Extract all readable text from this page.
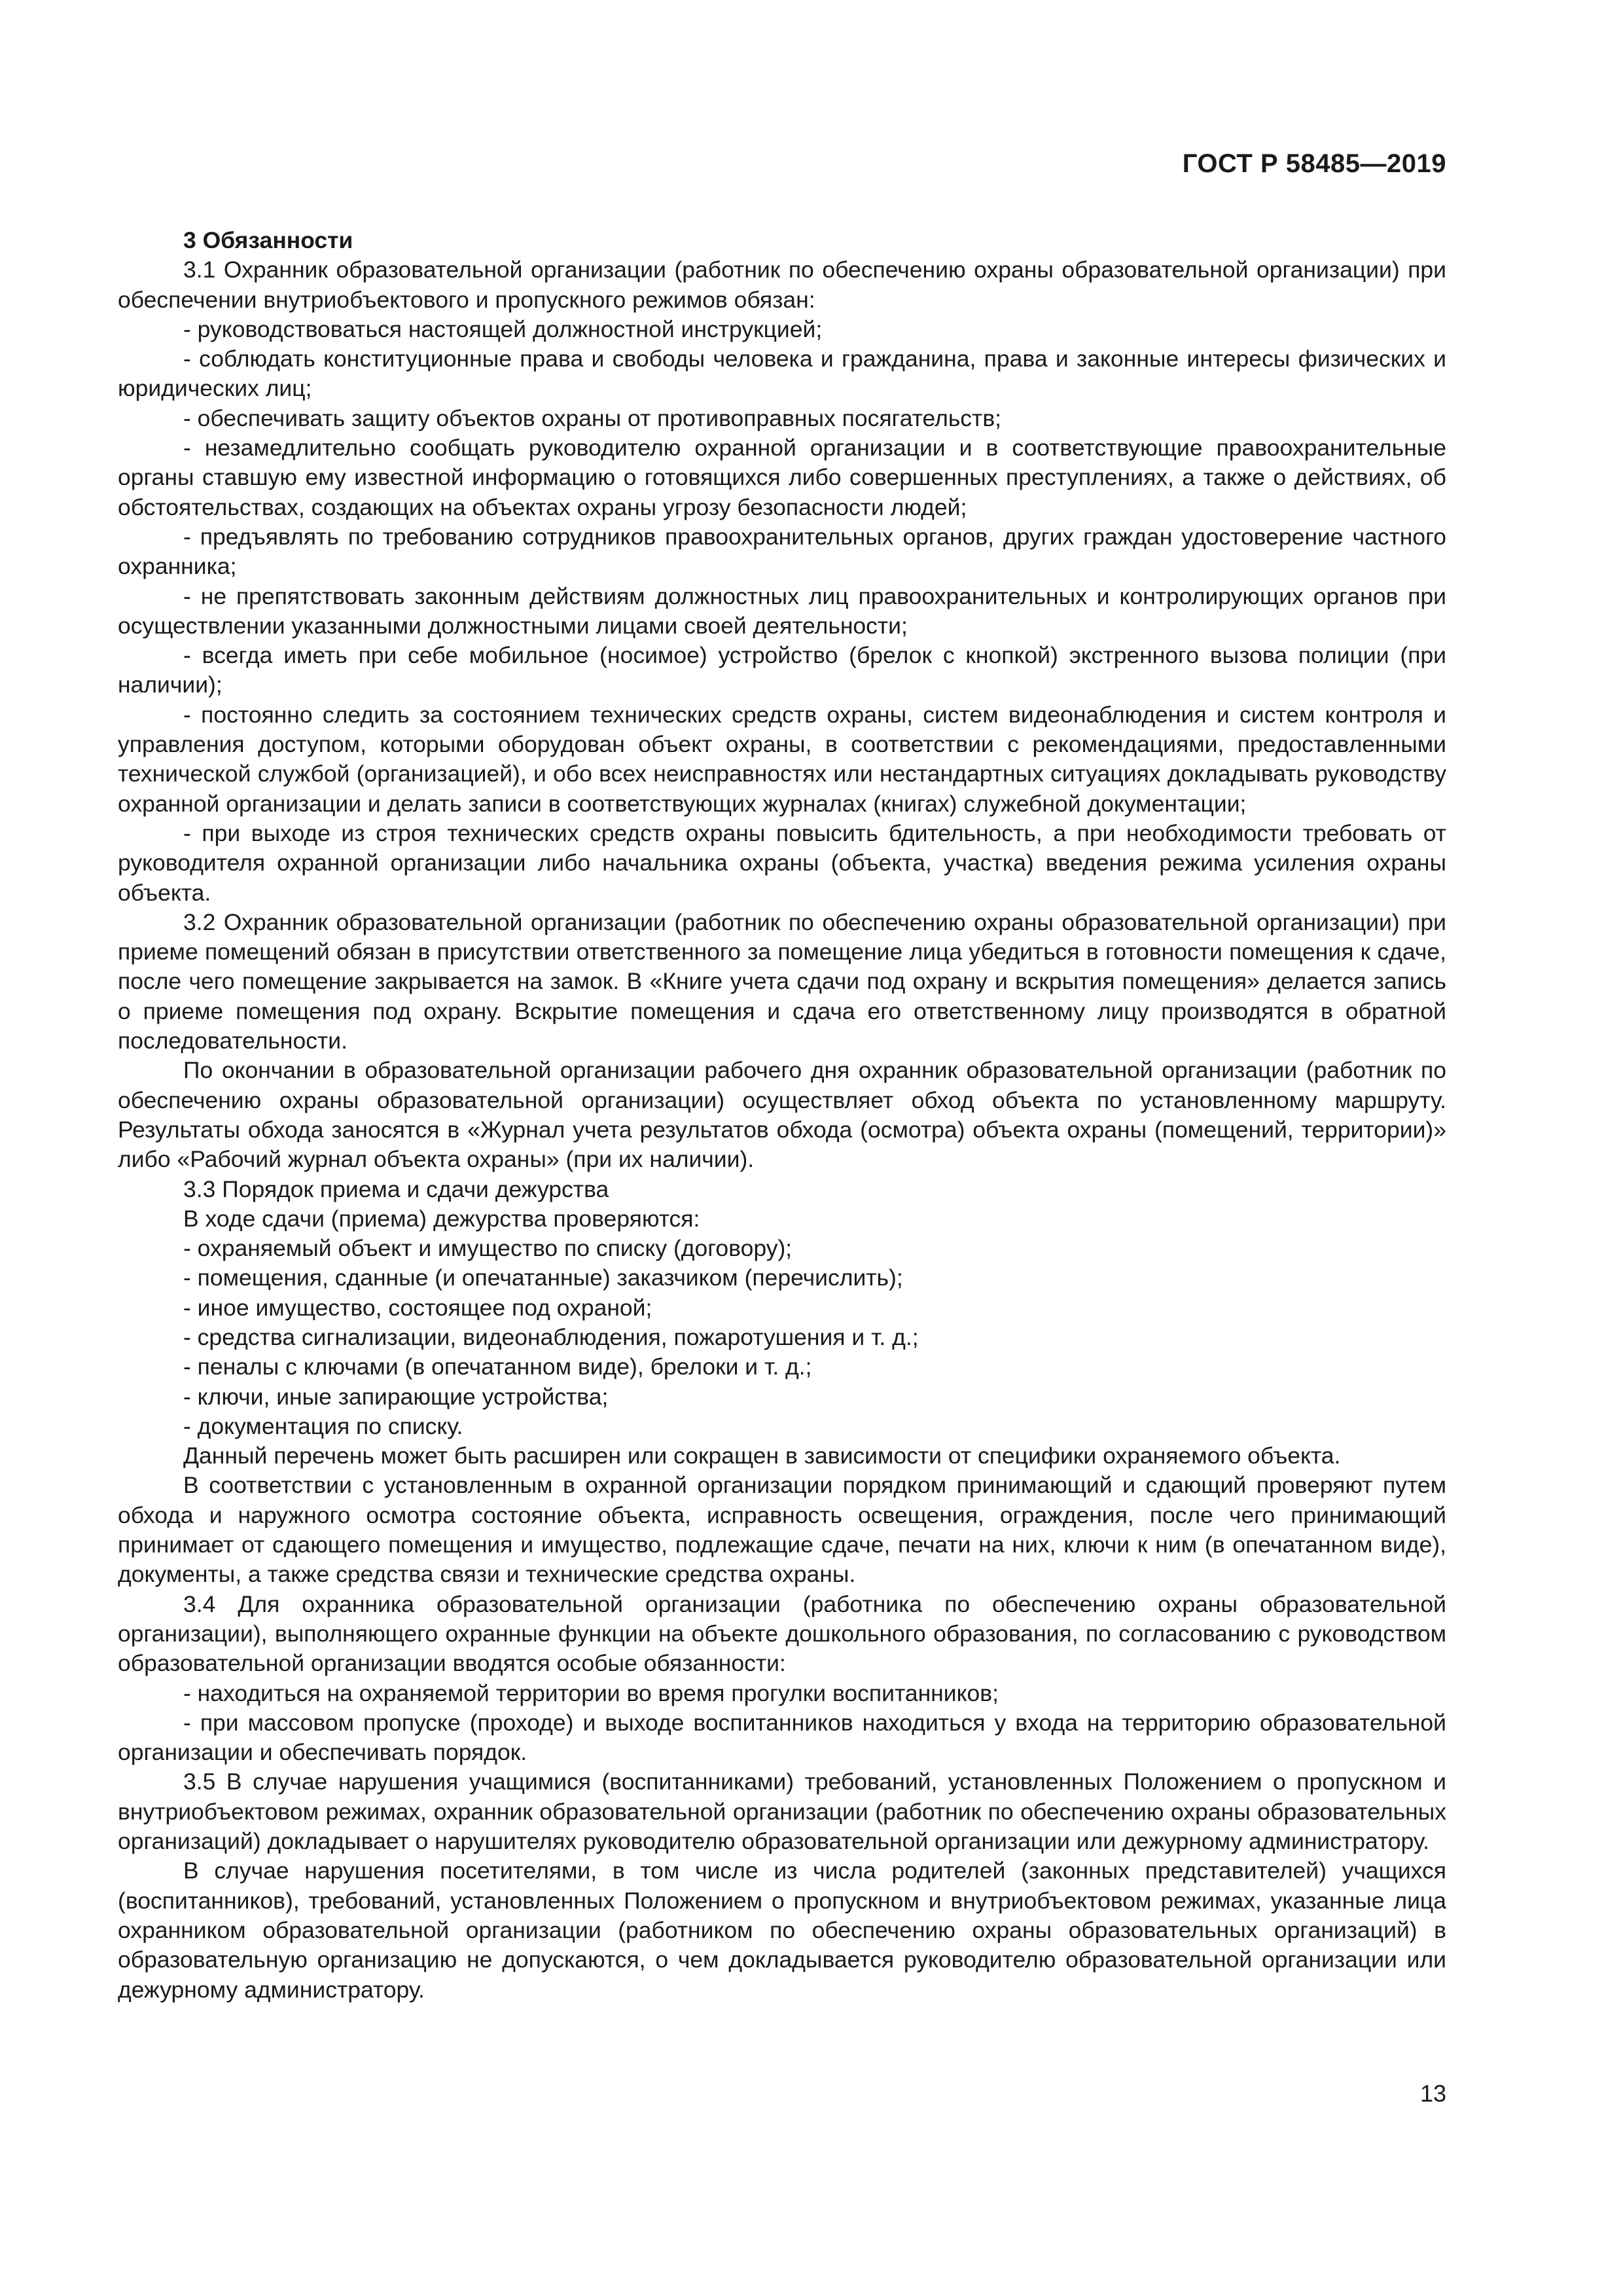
ГОСТ Р 58485—2019

3 Обязанности

3.1 Охранник образовательной организации (работник по обеспечению охраны образовательной организации) при обеспечении внутриобъектового и пропускного режимов обязан:

- руководствоваться настоящей должностной инструкцией;

- соблюдать конституционные права и свободы человека и гражданина, права и законные интересы физических и юридических лиц;

- обеспечивать защиту объектов охраны от противоправных посягательств;

- незамедлительно сообщать руководителю охранной организации и в соответствующие правоохранительные органы ставшую ему известной информацию о готовящихся либо совершенных преступлениях, а также о действиях, об обстоятельствах, создающих на объектах охраны угрозу безопасности людей;

- предъявлять по требованию сотрудников правоохранительных органов, других граждан удостоверение частного охранника;

- не препятствовать законным действиям должностных лиц правоохранительных и контролирующих органов при осуществлении указанными должностными лицами своей деятельности;

- всегда иметь при себе мобильное (носимое) устройство (брелок с кнопкой) экстренного вызова полиции (при наличии);

- постоянно следить за состоянием технических средств охраны, систем видеонаблюдения и систем контроля и управления доступом, которыми оборудован объект охраны, в соответствии с рекомендациями, предоставленными технической службой (организацией), и обо всех неисправностях или нестандартных ситуациях докладывать руководству охранной организации и делать записи в соответствующих журналах (книгах) служебной документации;

- при выходе из строя технических средств охраны повысить бдительность, а при необходимости требовать от руководителя охранной организации либо начальника охраны (объекта, участка) введения режима усиления охраны объекта.

3.2 Охранник образовательной организации (работник по обеспечению охраны образовательной организации) при приеме помещений обязан в присутствии ответственного за помещение лица убедиться в готовности помещения к сдаче, после чего помещение закрывается на замок. В «Книге учета сдачи под охрану и вскрытия помещения» делается запись о приеме помещения под охрану. Вскрытие помещения и сдача его ответственному лицу производятся в обратной последовательности.

По окончании в образовательной организации рабочего дня охранник образовательной организации (работник по обеспечению охраны образовательной организации) осуществляет обход объекта по установленному маршруту. Результаты обхода заносятся в «Журнал учета результатов обхода (осмотра) объекта охраны (помещений, территории)» либо «Рабочий журнал объекта охраны» (при их наличии).

3.3 Порядок приема и сдачи дежурства

В ходе сдачи (приема) дежурства проверяются:

- охраняемый объект и имущество по списку (договору);

- помещения, сданные (и опечатанные) заказчиком (перечислить);

- иное имущество, состоящее под охраной;

- средства сигнализации, видеонаблюдения, пожаротушения и т. д.;

- пеналы с ключами (в опечатанном виде), брелоки и т. д.;

- ключи, иные запирающие устройства;

- документация по списку.

Данный перечень может быть расширен или сокращен в зависимости от специфики охраняемого объекта.

В соответствии с установленным в охранной организации порядком принимающий и сдающий проверяют путем обхода и наружного осмотра состояние объекта, исправность освещения, ограждения, после чего принимающий принимает от сдающего помещения и имущество, подлежащие сдаче, печати на них, ключи к ним (в опечатанном виде), документы, а также средства связи и технические средства охраны.

3.4 Для охранника образовательной организации (работника по обеспечению охраны образовательной организации), выполняющего охранные функции на объекте дошкольного образования, по согласованию с руководством образовательной организации вводятся особые обязанности:

- находиться на охраняемой территории во время прогулки воспитанников;

- при массовом пропуске (проходе) и выходе воспитанников находиться у входа на территорию образовательной организации и обеспечивать порядок.

3.5 В случае нарушения учащимися (воспитанниками) требований, установленных Положением о пропускном и внутриобъектовом режимах, охранник образовательной организации (работник по обеспечению охраны образовательных организаций) докладывает о нарушителях руководителю образовательной организации или дежурному администратору.

В случае нарушения посетителями, в том числе из числа родителей (законных представителей) учащихся (воспитанников), требований, установленных Положением о пропускном и внутриобъектовом режимах, указанные лица охранником образовательной организации (работником по обеспечению охраны образовательных организаций) в образовательную организацию не допускаются, о чем докладывается руководителю образовательной организации или дежурному администратору.

13
